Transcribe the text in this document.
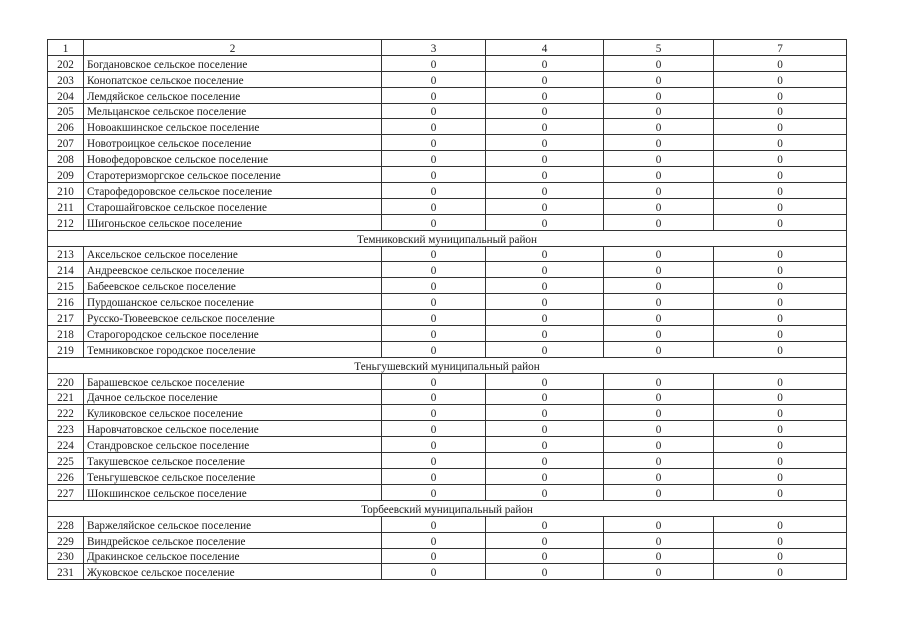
1	2	3	4	5	7
202	Богдановское сельское поселение	0	0	0	0
203	Конопатское сельское поселение	0	0	0	0
204	Лемдяйское сельское поселение	0	0	0	0
205	Мельцанское сельское поселение	0	0	0	0
206	Новоакшинское сельское поселение	0	0	0	0
207	Новотроицкое сельское поселение	0	0	0	0
208	Новофедоровское сельское поселение	0	0	0	0
209	Старотеризморгское сельское поселение	0	0	0	0
210	Старофедоровское сельское поселение	0	0	0	0
211	Старошайговское сельское поселение	0	0	0	0
212	Шигоньское сельское поселение	0	0	0	0
Темниковский муниципальный район					
213	Аксельское сельское поселение	0	0	0	0
214	Андреевское сельское поселение	0	0	0	0
215	Бабеевское сельское поселение	0	0	0	0
216	Пурдошанское сельское поселение	0	0	0	0
217	Русско-Тювеевское сельское поселение	0	0	0	0
218	Старогородское сельское поселение	0	0	0	0
219	Темниковское городское поселение	0	0	0	0
Теньгушевский муниципальный район					
220	Барашевское сельское поселение	0	0	0	0
221	Дачное сельское поселение	0	0	0	0
222	Куликовское сельское поселение	0	0	0	0
223	Наровчатовское сельское поселение	0	0	0	0
224	Стандровское сельское поселение	0	0	0	0
225	Такушевское сельское поселение	0	0	0	0
226	Теньгушевское сельское поселение	0	0	0	0
227	Шокшинское сельское поселение	0	0	0	0
Торбеевский муниципальный район					
228	Варжеляйское сельское поселение	0	0	0	0
229	Виндрейское сельское поселение	0	0	0	0
230	Дракинское сельское поселение	0	0	0	0
231	Жуковское сельское поселение	0	0	0	0
